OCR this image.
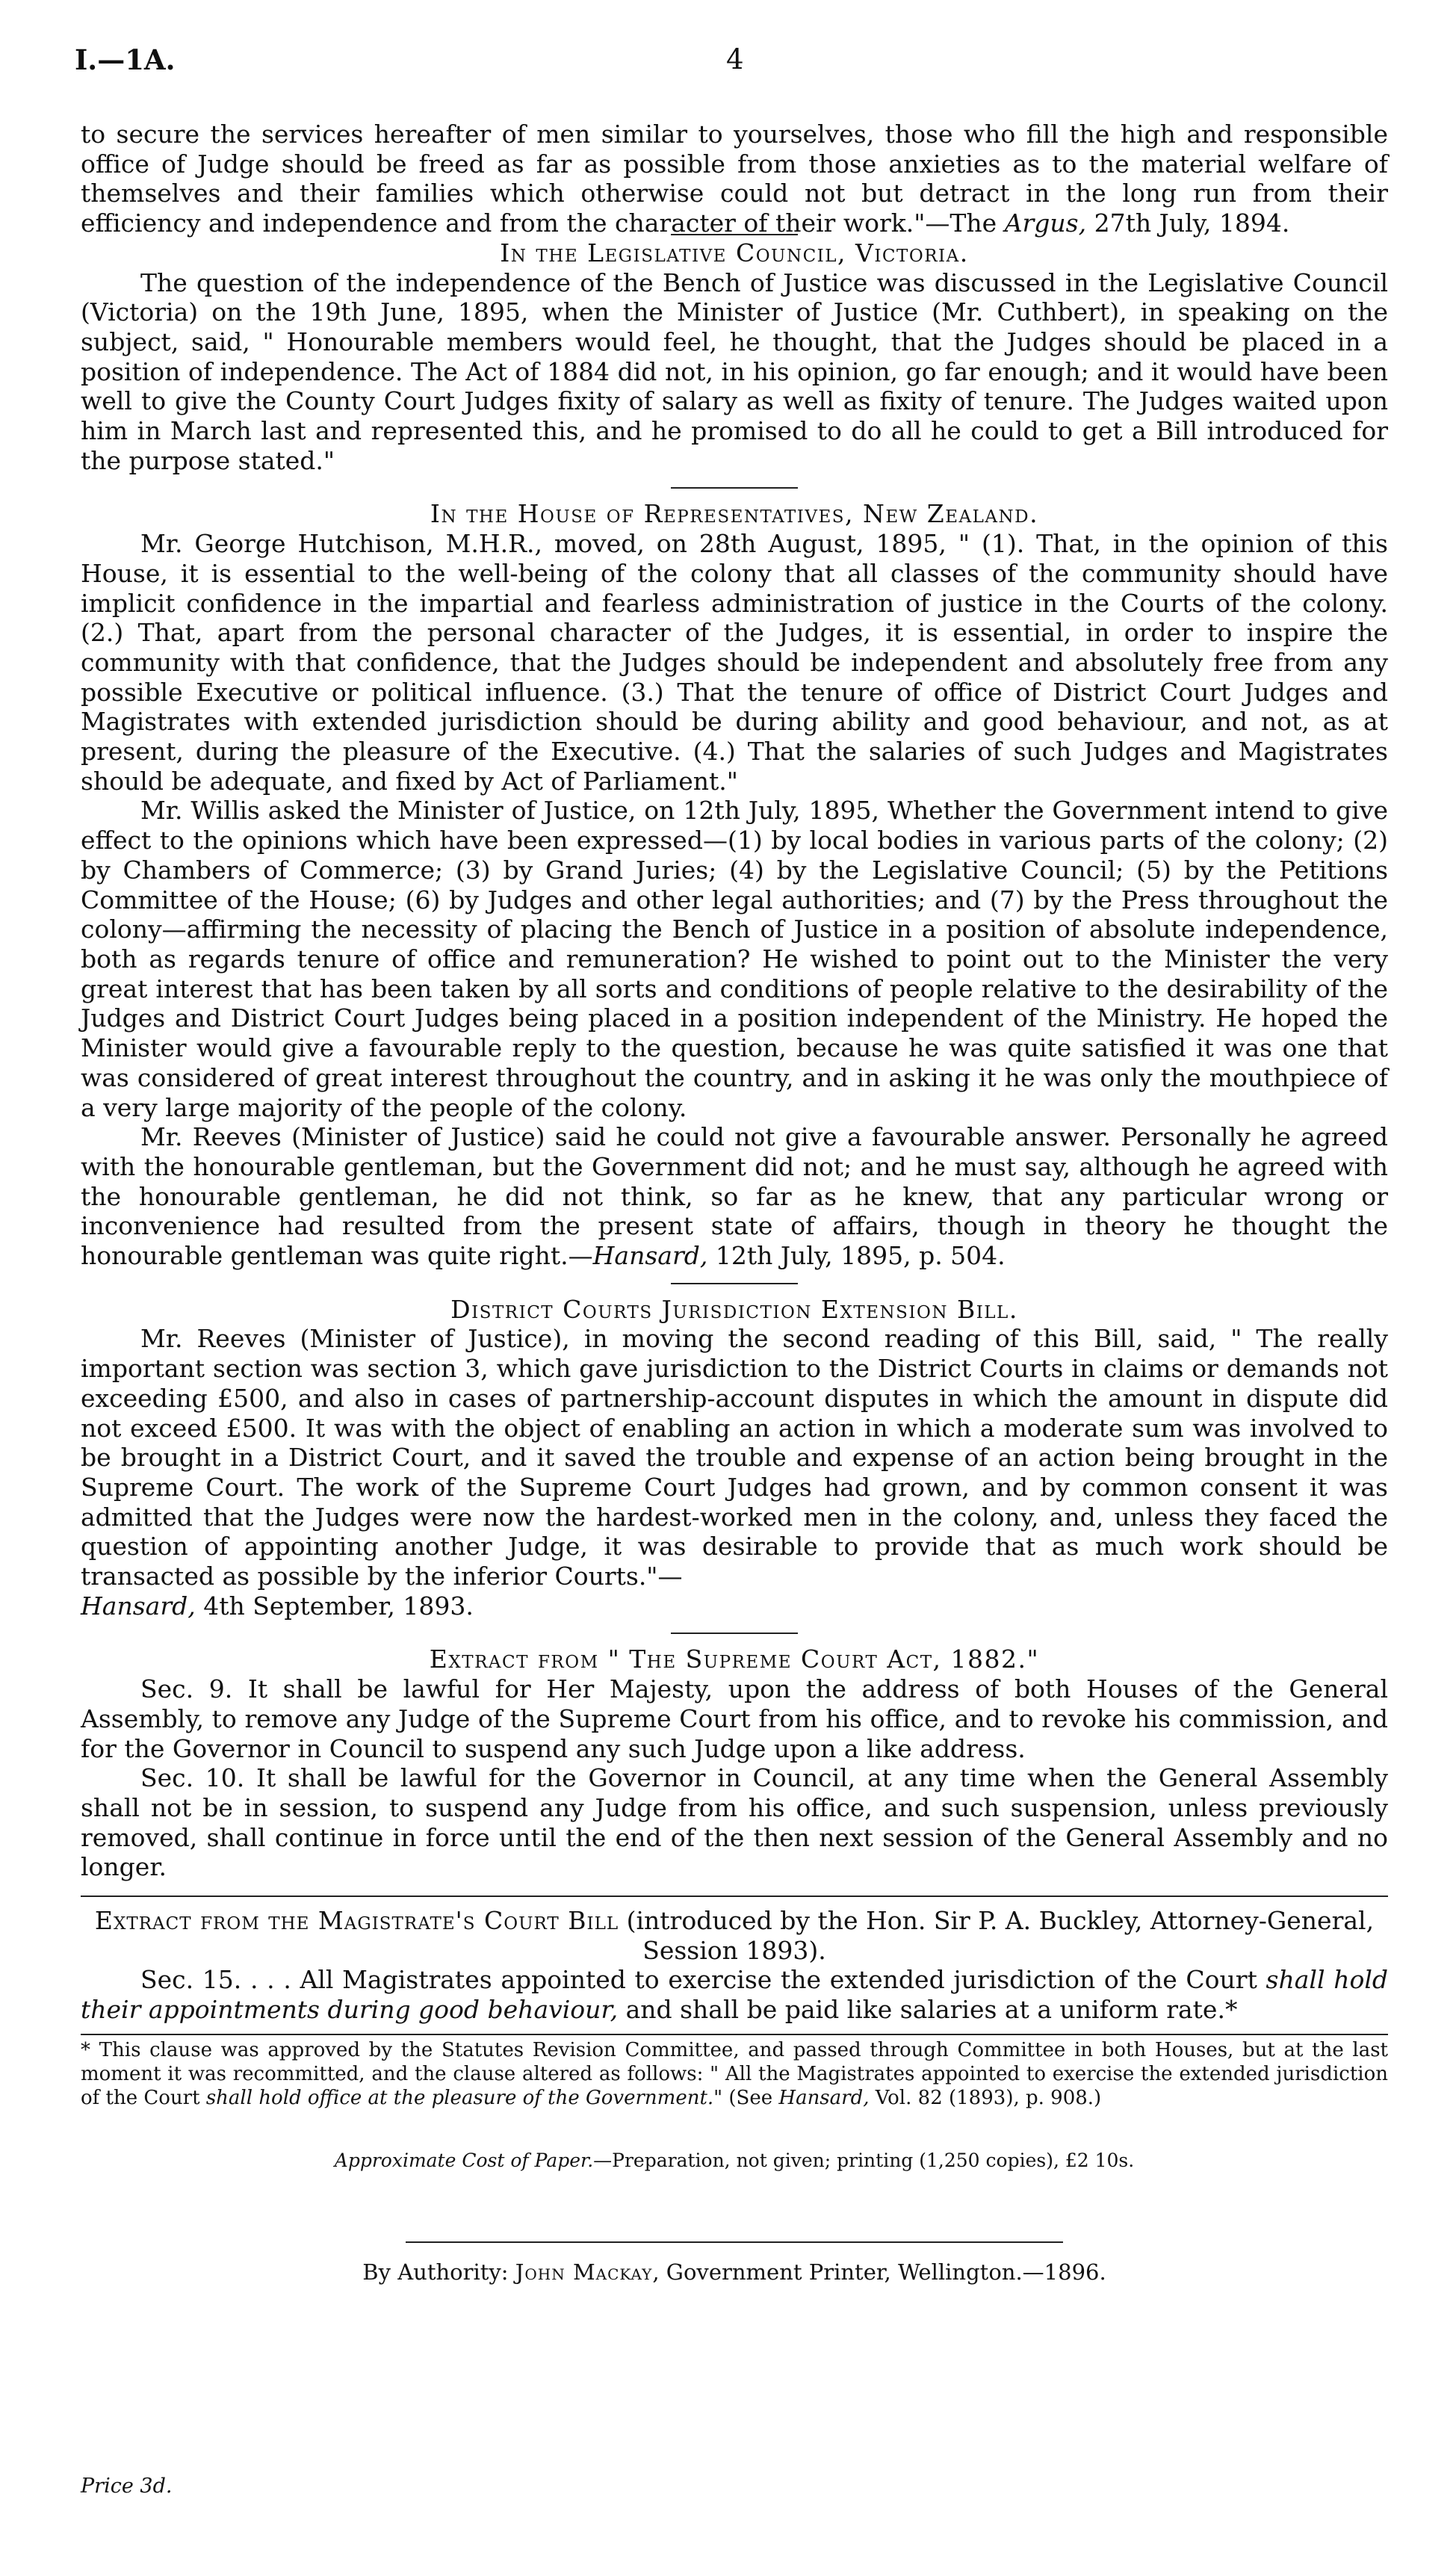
I.—1A.	4

to secure the services hereafter of men similar to yourselves, those who fill the high and responsible office of Judge should be freed as far as possible from those anxieties as to the material welfare of themselves and their families which otherwise could not but detract in the long run from their efficiency and independence and from the character of their work."—The Argus, 27th July, 1894.

In the Legislative Council, Victoria.

The question of the independence of the Bench of Justice was discussed in the Legislative Council (Victoria) on the 19th June, 1895, when the Minister of Justice (Mr. Cuthbert), in speaking on the subject, said, " Honourable members would feel, he thought, that the Judges should be placed in a position of independence. The Act of 1884 did not, in his opinion, go far enough; and it would have been well to give the County Court Judges fixity of salary as well as fixity of tenure. The Judges waited upon him in March last and represented this, and he promised to do all he could to get a Bill introduced for the purpose stated."

In the House of Representatives, New Zealand.

Mr. George Hutchison, M.H.R., moved, on 28th August, 1895, " (1). That, in the opinion of this House, it is essential to the well-being of the colony that all classes of the community should have implicit confidence in the impartial and fearless administration of justice in the Courts of the colony. (2.) That, apart from the personal character of the Judges, it is essential, in order to inspire the community with that confidence, that the Judges should be independent and absolutely free from any possible Executive or political influence. (3.) That the tenure of office of District Court Judges and Magistrates with extended jurisdiction should be during ability and good behaviour, and not, as at present, during the pleasure of the Executive. (4.) That the salaries of such Judges and Magistrates should be adequate, and fixed by Act of Parliament."

Mr. Willis asked the Minister of Justice, on 12th July, 1895, Whether the Government intend to give effect to the opinions which have been expressed—(1) by local bodies in various parts of the colony; (2) by Chambers of Commerce; (3) by Grand Juries; (4) by the Legislative Council; (5) by the Petitions Committee of the House; (6) by Judges and other legal authorities; and (7) by the Press throughout the colony—affirming the necessity of placing the Bench of Justice in a position of absolute independence, both as regards tenure of office and remuneration? He wished to point out to the Minister the very great interest that has been taken by all sorts and conditions of people relative to the desirability of the Judges and District Court Judges being placed in a position independent of the Ministry. He hoped the Minister would give a favourable reply to the question, because he was quite satisfied it was one that was considered of great interest throughout the country, and in asking it he was only the mouthpiece of a very large majority of the people of the colony.

Mr. Reeves (Minister of Justice) said he could not give a favourable answer. Personally he agreed with the honourable gentleman, but the Government did not; and he must say, although he agreed with the honourable gentleman, he did not think, so far as he knew, that any particular wrong or inconvenience had resulted from the present state of affairs, though in theory he thought the honourable gentleman was quite right.—Hansard, 12th July, 1895, p. 504.

District Courts Jurisdiction Extension Bill.

Mr. Reeves (Minister of Justice), in moving the second reading of this Bill, said, " The really important section was section 3, which gave jurisdiction to the District Courts in claims or demands not exceeding £500, and also in cases of partnership-account disputes in which the amount in dispute did not exceed £500. It was with the object of enabling an action in which a moderate sum was involved to be brought in a District Court, and it saved the trouble and expense of an action being brought in the Supreme Court. The work of the Supreme Court Judges had grown, and by common consent it was admitted that the Judges were now the hardest-worked men in the colony, and, unless they faced the question of appointing another Judge, it was desirable to provide that as much work should be transacted as possible by the inferior Courts."—
Hansard, 4th September, 1893.

Extract from " The Supreme Court Act, 1882."

Sec. 9. It shall be lawful for Her Majesty, upon the address of both Houses of the General Assembly, to remove any Judge of the Supreme Court from his office, and to revoke his commission, and for the Governor in Council to suspend any such Judge upon a like address.

Sec. 10. It shall be lawful for the Governor in Council, at any time when the General Assembly shall not be in session, to suspend any Judge from his office, and such suspension, unless previously removed, shall continue in force until the end of the then next session of the General Assembly and no longer.

Extract from the Magistrate's Court Bill (introduced by the Hon. Sir P. A. Buckley, Attorney-General, Session 1893).

Sec. 15. . . . All Magistrates appointed to exercise the extended jurisdiction of the Court shall hold their appointments during good behaviour, and shall be paid like salaries at a uniform rate.*

* This clause was approved by the Statutes Revision Committee, and passed through Committee in both Houses, but at the last moment it was recommitted, and the clause altered as follows: " All the Magistrates appointed to exercise the extended jurisdiction of the Court shall hold office at the pleasure of the Government." (See Hansard, Vol. 82 (1893), p. 908.)

Approximate Cost of Paper.—Preparation, not given; printing (1,250 copies), £2 10s.

By Authority: John Mackay, Government Printer, Wellington.—1896.

Price 3d.
